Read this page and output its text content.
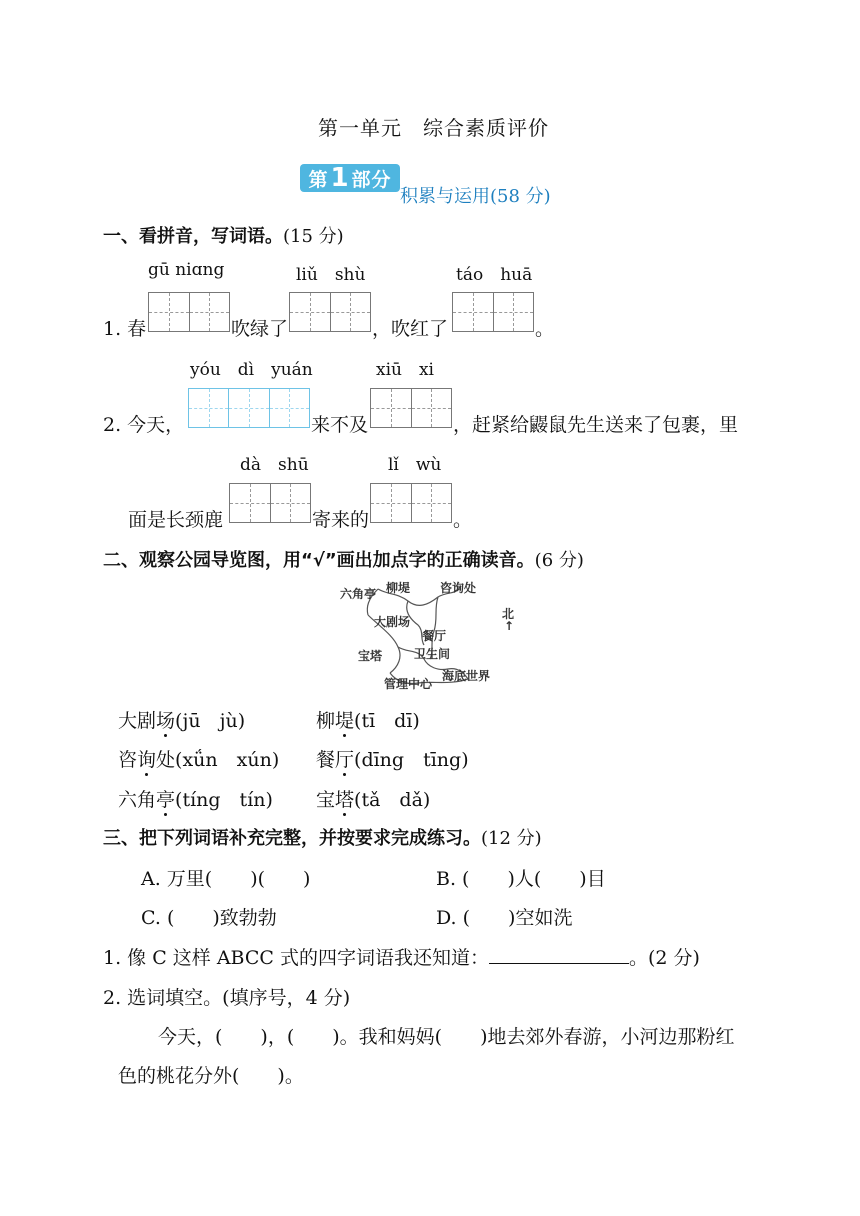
第一单元　综合素质评价
第 1 部分
积累与运用(58 分)
一、看拼音，写词语。(15 分)
gū niɑng	liǔ　shù	táo　huā
1. 春	吹绿了	，吹红了	。
yóu　dì　yuán	xiū　xi
2. 今天，	来不及	，赶紧给鼹鼠先生送来了包裹，里
dà　shū	lǐ　wù
面是长颈鹿	寄来的	。
二、观察公园导览图，用“√”画出加点字的正确读音。(6 分)
六角亭 柳堤 咨询处
北
↑
大剧场
餐厅
宝塔	卫生间
管理中心
海底世界
大剧场(jū　jù)	柳堤(tī　dī)
咨询处(xǘn　xún) 餐厅(dīng　tīng)
六角亭(tíng　tín) 宝塔(tǎ　dǎ)
三、把下列词语补充完整，并按要求完成练习。(12 分)
A. 万里(　　)(　　)	B. (　　)人(　　)目
C. (　　)致勃勃	D. (　　)空如洗
1. 像 C 这样 ABCC 式的四字词语我还知道：	。(2 分)
2. 选词填空。(填序号，4 分)
今天，(　　)，(　　)。我和妈妈(　　)地去郊外春游，小河边那粉红
色的桃花分外(　　)。
